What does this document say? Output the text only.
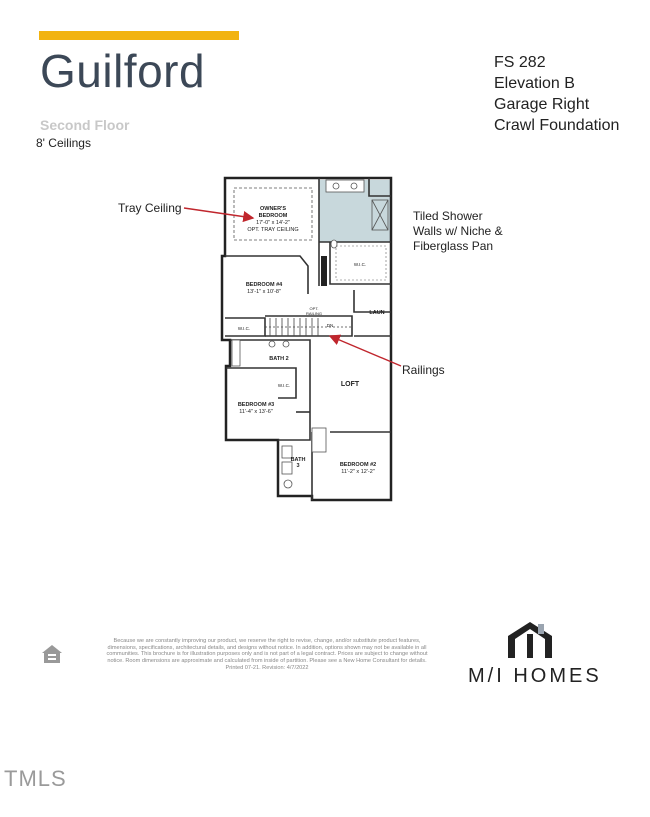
Guilford
Second Floor
8' Ceilings
FS 282
Elevation B
Garage Right
Crawl Foundation
OWNER'S
BEDROOM
17'-0" x 14'-2"
OPT. TRAY CEILING
W.I.C.
BEDROOM #4
13'-1" x 10'-8"
W.I.C.
LAUN
OPT.
RAILING
DN
BATH 2
LOFT
W.I.C.
BEDROOM #3
11'-4" x 13'-6"
BATH
3	BEDROOM #2
11'-2" x 12'-2"
Tray Ceiling
Tiled Shower
Walls w/ Niche &
Fiberglass Pan
Railings
Because we are constantly improving our product, we reserve the right to revise, change, and/or substitute product features, dimensions, specifications, architectural details, and designs without notice. In addition, options shown may not be available in all communities. This brochure is for illustration purposes only and is not part of a legal contract. Prices are subject to change without notice. Room dimensions are approximate and calculated from inside of partition. Please see a New Home Consultant for details. Printed 07-21. Revision: 4/7/2022	M/I HOMES
TMLS
